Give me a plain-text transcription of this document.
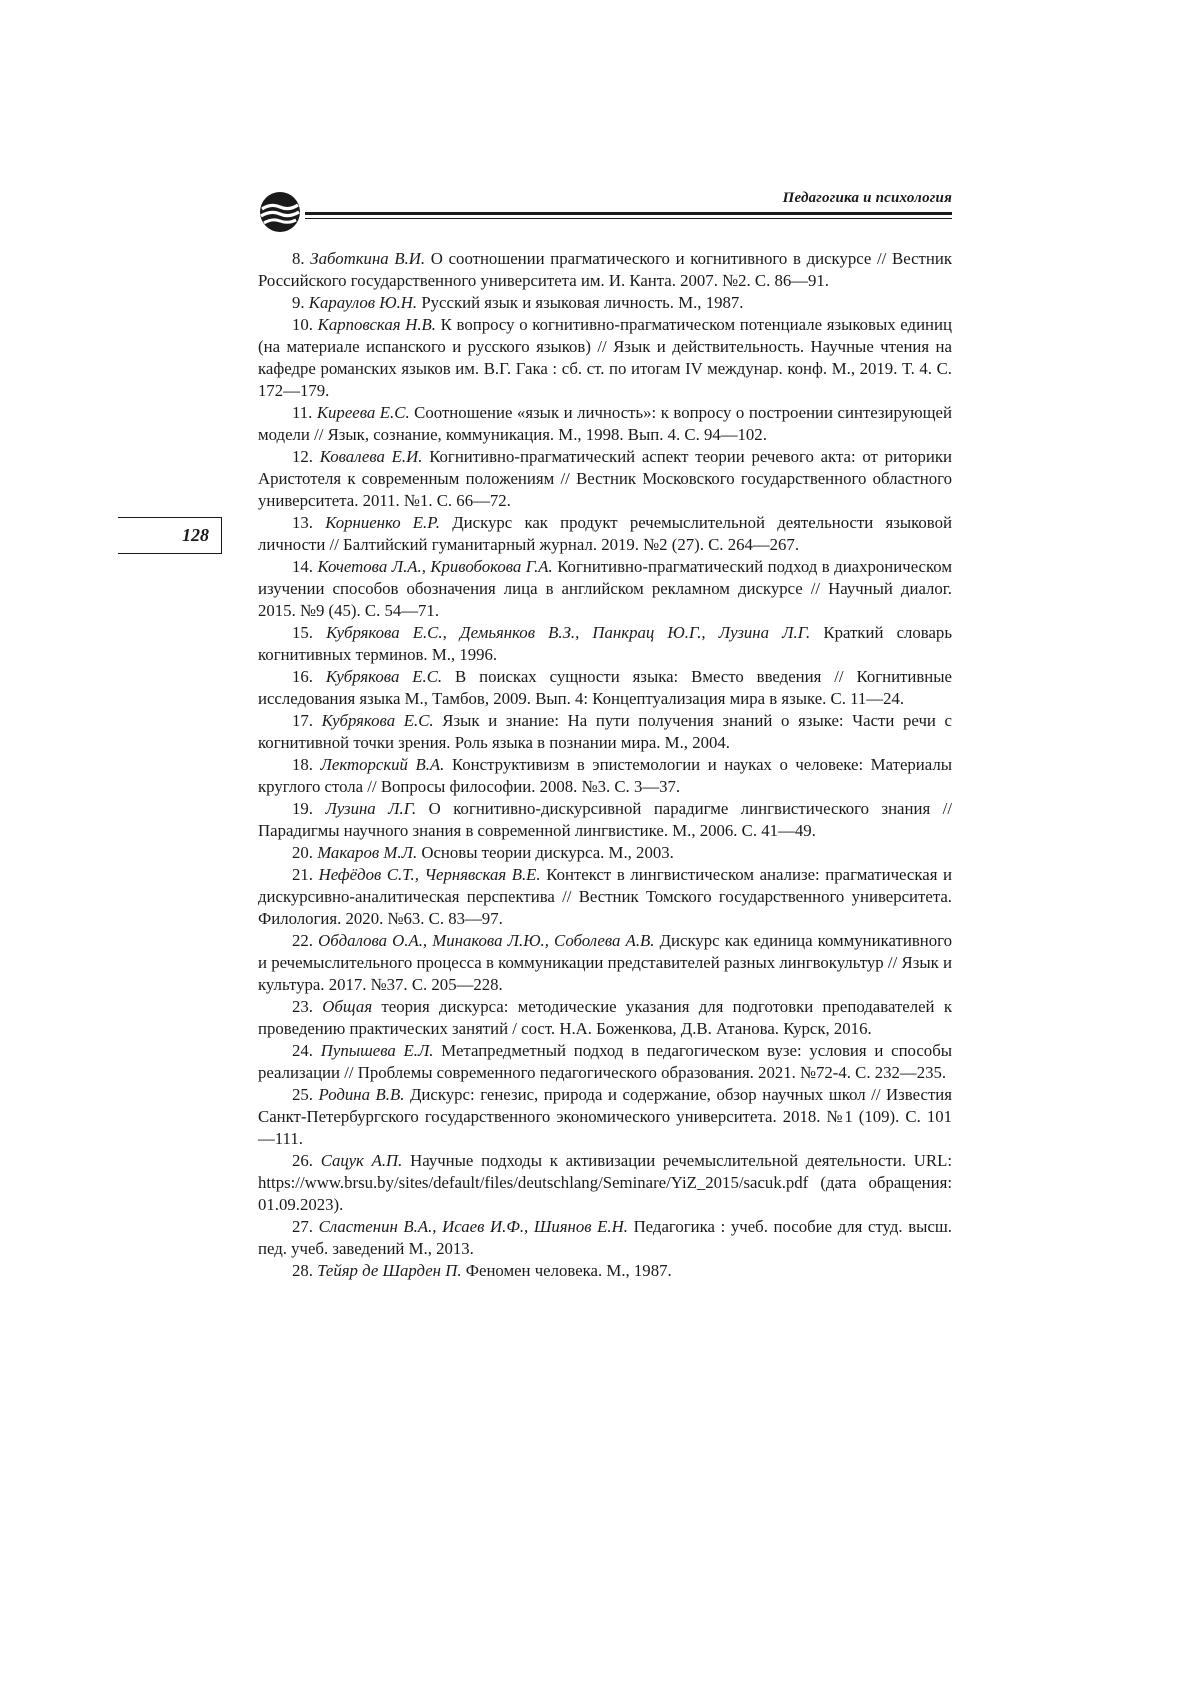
Педагогика и психология
128

8. Заботкина В.И. О соотношении прагматического и когнитивного в дискурсе // Вестник Российского государственного университета им. И. Канта. 2007. №2. С. 86—91.

9. Караулов Ю.Н. Русский язык и языковая личность. М., 1987.

10. Карповская Н.В. К вопросу о когнитивно-прагматическом потенциале языковых единиц (на материале испанского и русского языков) // Язык и действительность. Научные чтения на кафедре романских языков им. В.Г. Гака : сб. ст. по итогам IV междунар. конф. М., 2019. Т. 4. С. 172—179.

11. Киреева Е.С. Соотношение «язык и личность»: к вопросу о построении синтезирующей модели // Язык, сознание, коммуникация. М., 1998. Вып. 4. С. 94—102.

12. Ковалева Е.И. Когнитивно-прагматический аспект теории речевого акта: от риторики Аристотеля к современным положениям // Вестник Московского государственного областного университета. 2011. №1. С. 66—72.

13. Корниенко Е.Р. Дискурс как продукт речемыслительной деятельности языковой личности // Балтийский гуманитарный журнал. 2019. №2 (27). С. 264—267.

14. Кочетова Л.А., Кривобокова Г.А. Когнитивно-прагматический подход в диахроническом изучении способов обозначения лица в английском рекламном дискурсе // Научный диалог. 2015. №9 (45). С. 54—71.

15. Кубрякова Е.С., Демьянков В.З., Панкрац Ю.Г., Лузина Л.Г. Краткий словарь когнитивных терминов. М., 1996.

16. Кубрякова Е.С. В поисках сущности языка: Вместо введения // Когнитивные исследования языка М., Тамбов, 2009. Вып. 4: Концептуализация мира в языке. С. 11—24.

17. Кубрякова Е.С. Язык и знание: На пути получения знаний о языке: Части речи с когнитивной точки зрения. Роль языка в познании мира. М., 2004.

18. Лекторский В.А. Конструктивизм в эпистемологии и науках о человеке: Материалы круглого стола // Вопросы философии. 2008. №3. С. 3—37.

19. Лузина Л.Г. О когнитивно-дискурсивной парадигме лингвистического знания // Парадигмы научного знания в современной лингвистике. М., 2006. С. 41—49.

20. Макаров М.Л. Основы теории дискурса. М., 2003.

21. Нефёдов С.Т., Чернявская В.Е. Контекст в лингвистическом анализе: прагматическая и дискурсивно-аналитическая перспектива // Вестник Томского государственного университета. Филология. 2020. №63. С. 83—97.

22. Обдалова О.А., Минакова Л.Ю., Соболева А.В. Дискурс как единица коммуникативного и речемыслительного процесса в коммуникации представителей разных лингвокультур // Язык и культура. 2017. №37. С. 205—228.

23. Общая теория дискурса: методические указания для подготовки преподавателей к проведению практических занятий / сост. Н.А. Боженкова, Д.В. Атанова. Курск, 2016.

24. Пупышева Е.Л. Метапредметный подход в педагогическом вузе: условия и способы реализации // Проблемы современного педагогического образования. 2021. №72-4. С. 232—235.

25. Родина В.В. Дискурс: генезис, природа и содержание, обзор научных школ // Известия Санкт-Петербургского государственного экономического университета. 2018. №1 (109). С. 101—111.

26. Сацук А.П. Научные подходы к активизации речемыслительной деятельности. URL: https://www.brsu.by/sites/default/files/deutschlang/Seminare/YiZ_2015/sacuk.pdf (дата обращения: 01.09.2023).

27. Сластенин В.А., Исаев И.Ф., Шиянов Е.Н. Педагогика : учеб. пособие для студ. высш. пед. учеб. заведений М., 2013.

28. Тейяр де Шарден П. Феномен человека. М., 1987.
